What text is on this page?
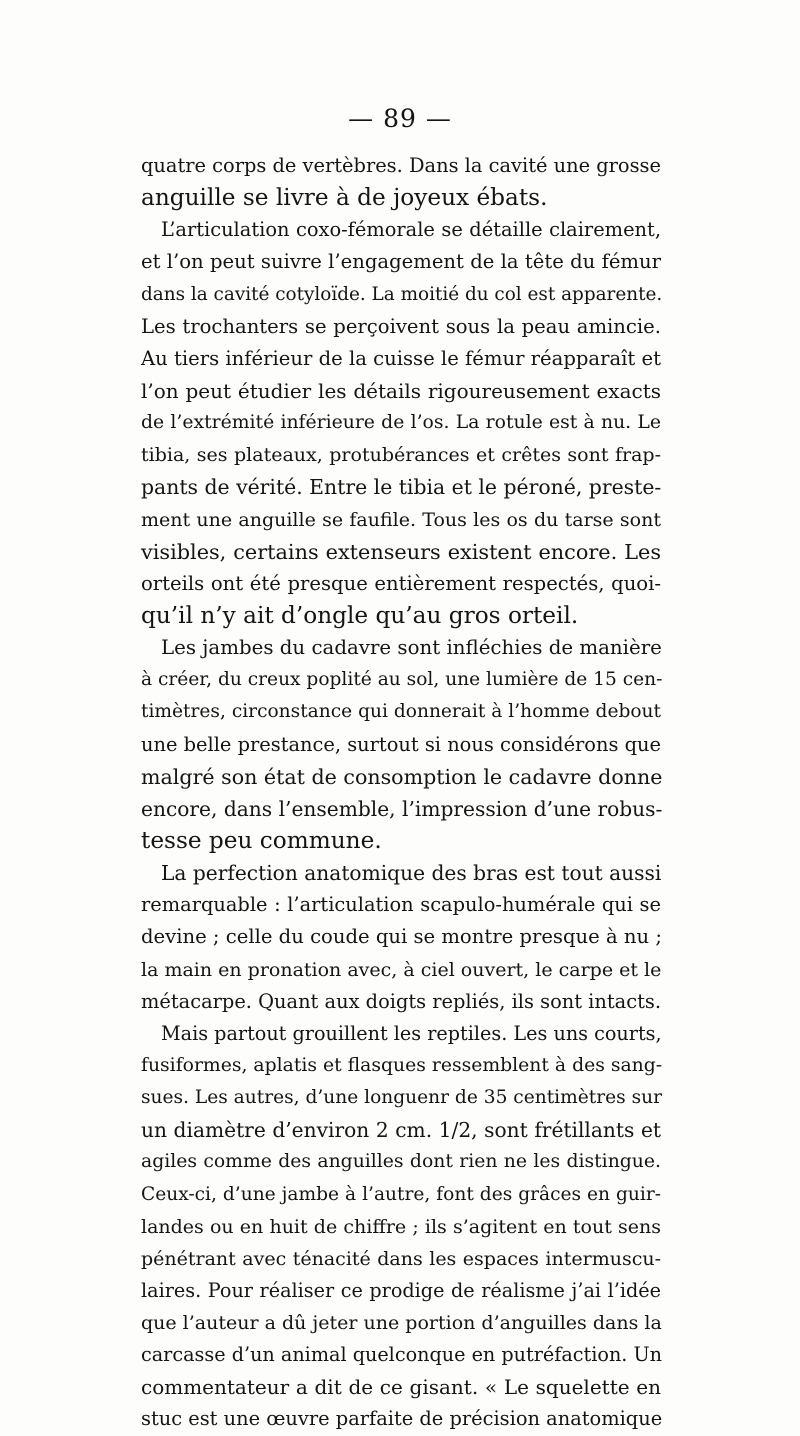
— 89 —
quatre corps de vertèbres. Dans la cavité une grosse
anguille se livre à de joyeux ébats.
L’articulation coxo-fémorale se détaille clairement,
et l’on peut suivre l’engagement de la tête du fémur
dans la cavité cotyloïde. La moitié du col est apparente.
Les trochanters se perçoivent sous la peau amincie.
Au tiers inférieur de la cuisse le fémur réapparaît et
l’on peut étudier les détails rigoureusement exacts
de l’extrémité inférieure de l’os. La rotule est à nu. Le
tibia, ses plateaux, protubérances et crêtes sont frap-
pants de vérité. Entre le tibia et le péroné, preste-
ment une anguille se faufile. Tous les os du tarse sont
visibles, certains extenseurs existent encore. Les
orteils ont été presque entièrement respectés, quoi-
qu’il n’y ait d’ongle qu’au gros orteil.
Les jambes du cadavre sont infléchies de manière
à créer, du creux poplité au sol, une lumière de 15 cen-
timètres, circonstance qui donnerait à l’homme debout
une belle prestance, surtout si nous considérons que
malgré son état de consomption le cadavre donne
encore, dans l’ensemble, l’impression d’une robus-
tesse peu commune.
La perfection anatomique des bras est tout aussi
remarquable : l’articulation scapulo-humérale qui se
devine ; celle du coude qui se montre presque à nu ;
la main en pronation avec, à ciel ouvert, le carpe et le
métacarpe. Quant aux doigts repliés, ils sont intacts.
Mais partout grouillent les reptiles. Les uns courts,
fusiformes, aplatis et flasques ressemblent à des sang-
sues. Les autres, d’une longuenr de 35 centimètres sur
un diamètre d’environ 2 cm. 1/2, sont frétillants et
agiles comme des anguilles dont rien ne les distingue.
Ceux-ci, d’une jambe à l’autre, font des grâces en guir-
landes ou en huit de chiffre ; ils s’agitent en tout sens
pénétrant avec ténacité dans les espaces intermuscu-
laires. Pour réaliser ce prodige de réalisme j’ai l’idée
que l’auteur a dû jeter une portion d’anguilles dans la
carcasse d’un animal quelconque en putréfaction. Un
commentateur a dit de ce gisant. « Le squelette en
stuc est une œuvre parfaite de précision anatomique
